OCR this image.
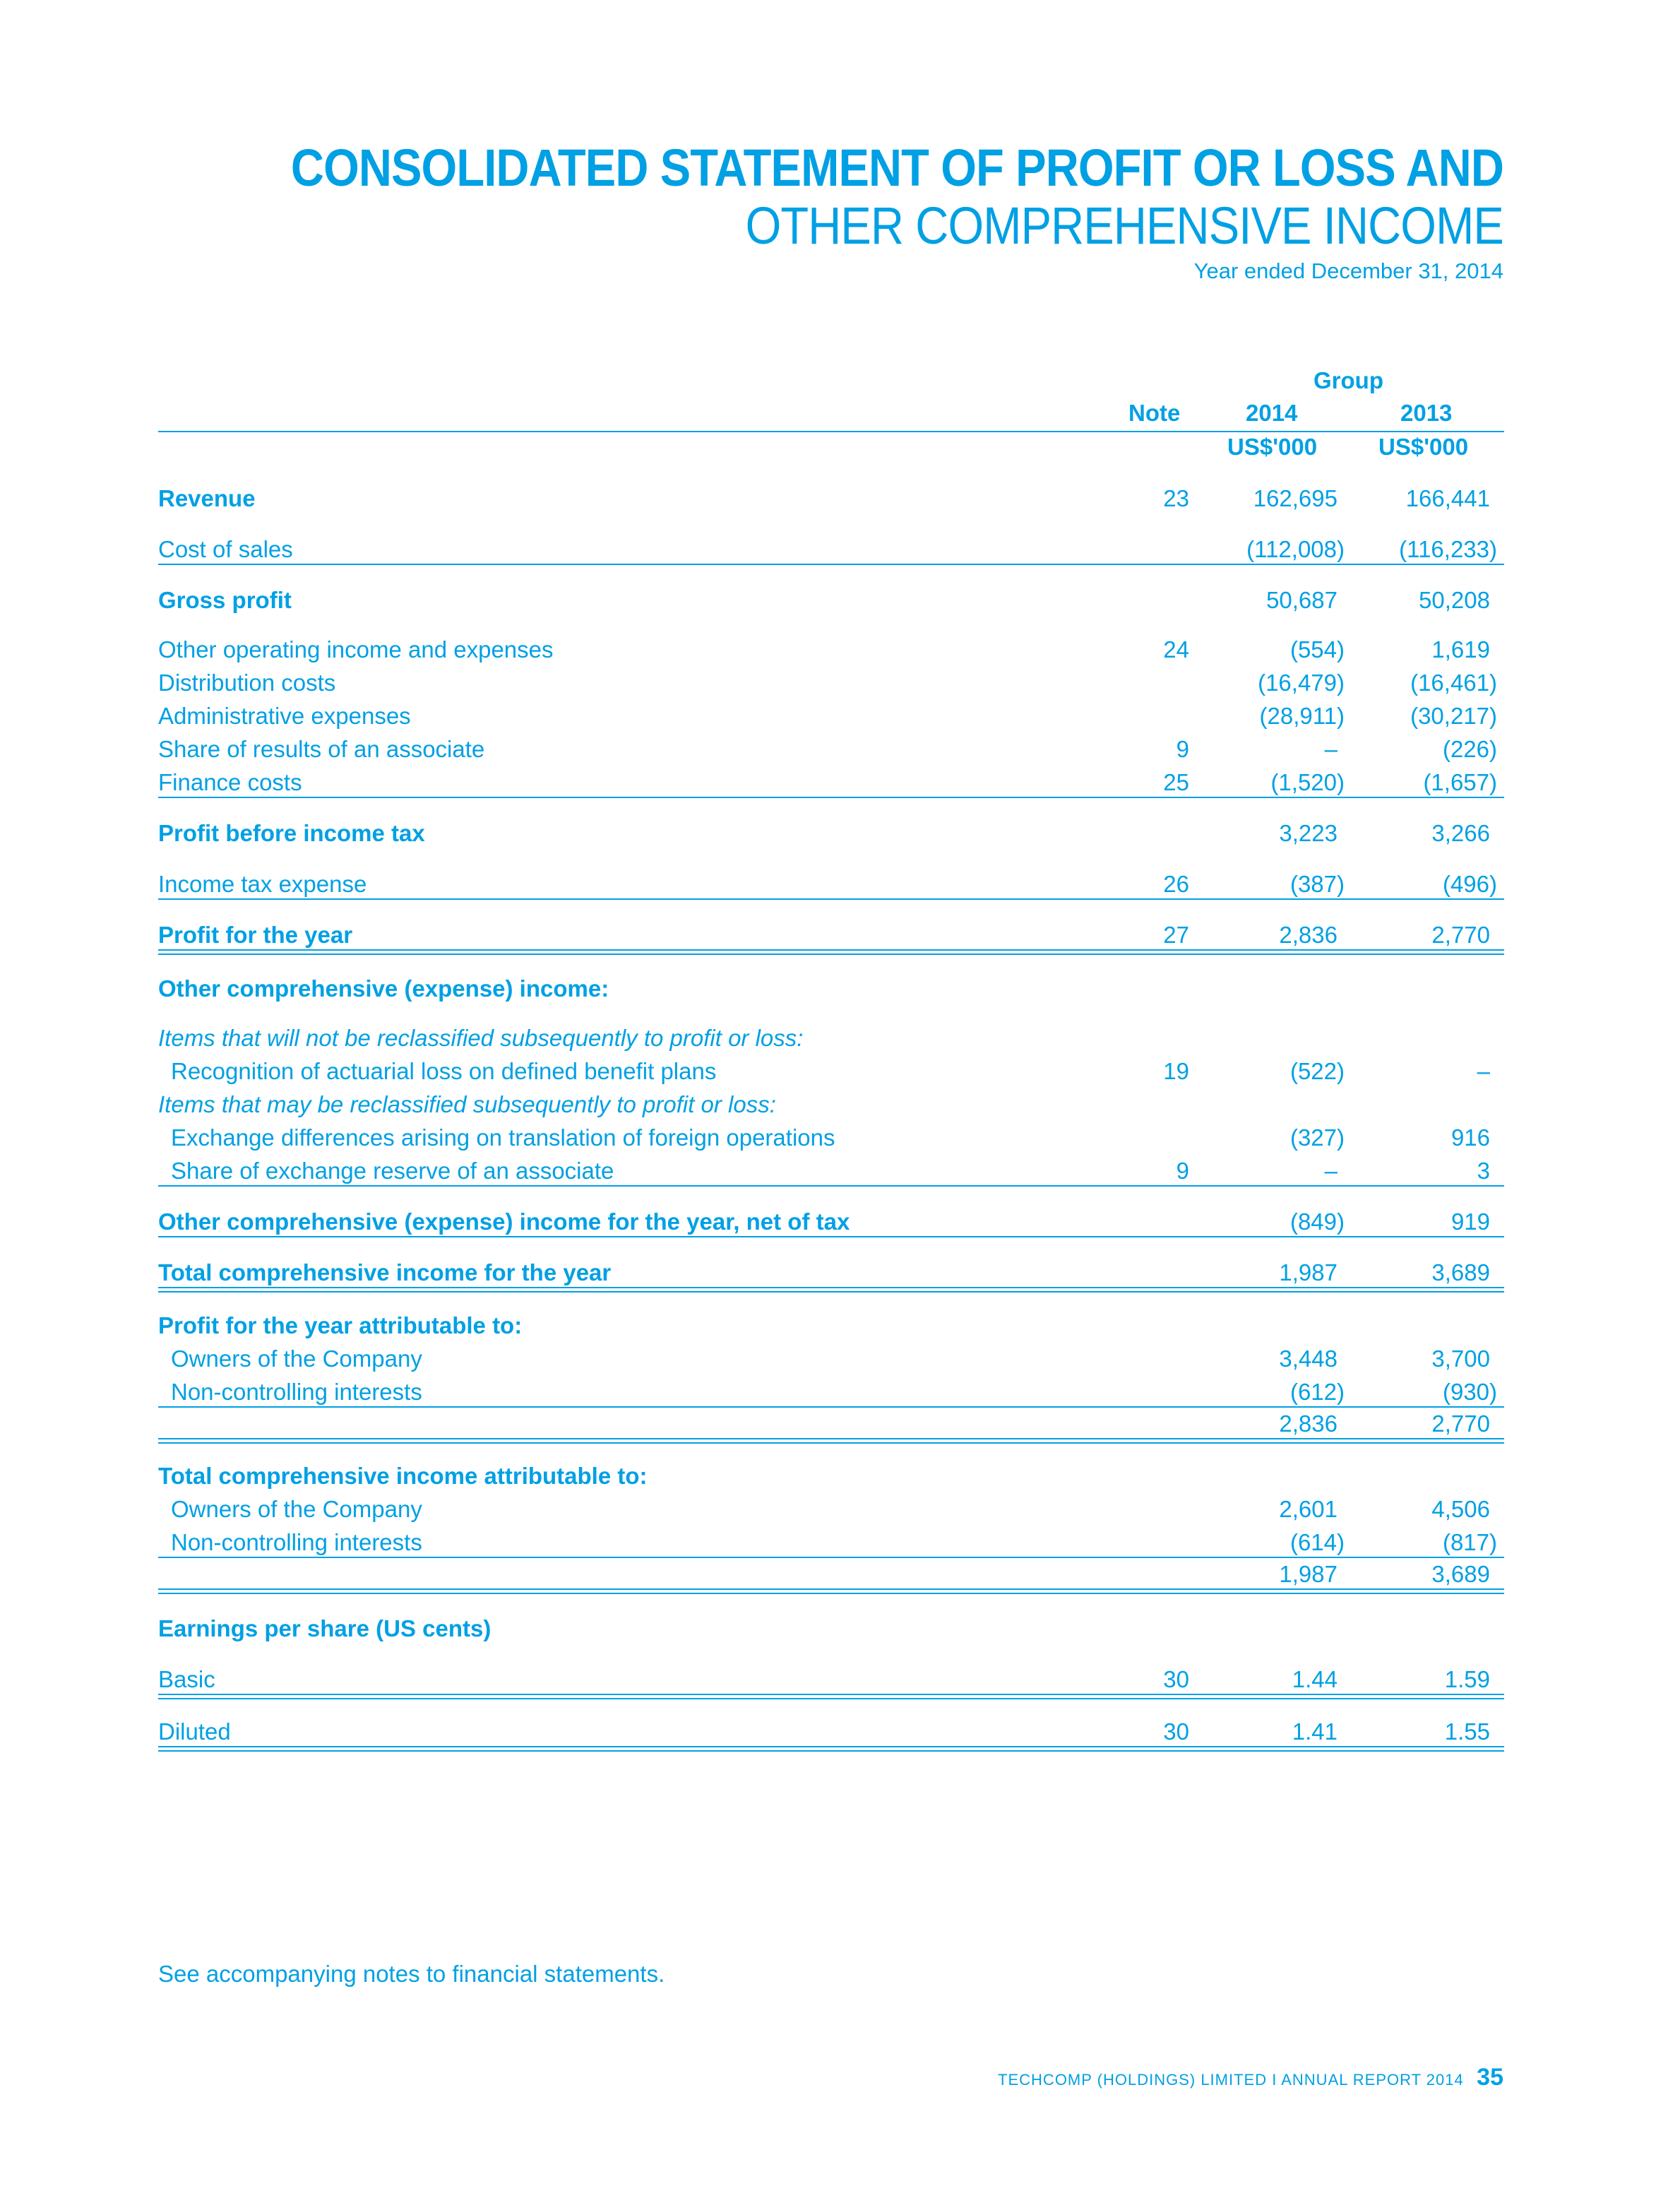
CONSOLIDATED STATEMENT OF PROFIT OR LOSS AND
OTHER COMPREHENSIVE INCOME
Year ended December 31, 2014
Group
Note	2014	2013
US$'000	US$'000
Revenue	23	162,695	166,441
Cost of sales	(112,008)	(116,233)
Gross profit	50,687	50,208
Other operating income and expenses	24	(554)	1,619
Distribution costs	(16,479)	(16,461)
Administrative expenses	(28,911)	(30,217)
Share of results of an associate	9	–	(226)
Finance costs	25	(1,520)	(1,657)
Profit before income tax	3,223	3,266
Income tax expense	26	(387)	(496)
Profit for the year	27	2,836	2,770
Other comprehensive (expense) income:
Items that will not be reclassified subsequently to profit or loss:
Recognition of actuarial loss on defined benefit plans	19	(522)	–
Items that may be reclassified subsequently to profit or loss:
Exchange differences arising on translation of foreign operations	(327)	916
Share of exchange reserve of an associate	9	–	3
Other comprehensive (expense) income for the year, net of tax	(849)	919
Total comprehensive income for the year	1,987	3,689
Profit for the year attributable to:
Owners of the Company	3,448	3,700
Non-controlling interests	(612)	(930)
2,836	2,770
Total comprehensive income attributable to:
Owners of the Company	2,601	4,506
Non-controlling interests	(614)	(817)
1,987	3,689
Earnings per share (US cents)
Basic	30	1.44	1.59
Diluted	30	1.41	1.55
See accompanying notes to financial statements.
TECHCOMP (HOLDINGS) LIMITED I ANNUAL REPORT 2014 35
